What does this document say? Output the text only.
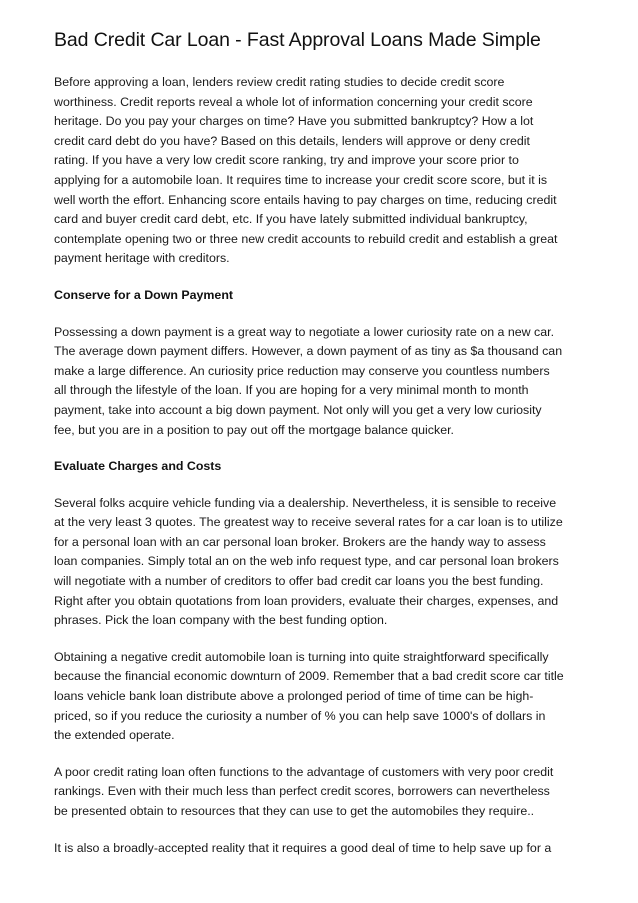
Bad Credit Car Loan - Fast Approval Loans Made Simple

Before approving a loan, lenders review credit rating studies to decide credit score
worthiness. Credit reports reveal a whole lot of information concerning your credit score
heritage. Do you pay your charges on time? Have you submitted bankruptcy? How a lot
credit card debt do you have? Based on this details, lenders will approve or deny credit
rating. If you have a very low credit score ranking, try and improve your score prior to
applying for a automobile loan. It requires time to increase your credit score score, but it is
well worth the effort. Enhancing score entails having to pay charges on time, reducing credit
card and buyer credit card debt, etc. If you have lately submitted individual bankruptcy,
contemplate opening two or three new credit accounts to rebuild credit and establish a great
payment heritage with creditors.

Conserve for a Down Payment

Possessing a down payment is a great way to negotiate a lower curiosity rate on a new car.
The average down payment differs. However, a down payment of as tiny as $a thousand can
make a large difference. An curiosity price reduction may conserve you countless numbers
all through the lifestyle of the loan. If you are hoping for a very minimal month to month
payment, take into account a big down payment. Not only will you get a very low curiosity
fee, but you are in a position to pay out off the mortgage balance quicker.

Evaluate Charges and Costs

Several folks acquire vehicle funding via a dealership. Nevertheless, it is sensible to receive
at the very least 3 quotes. The greatest way to receive several rates for a car loan is to utilize
for a personal loan with an car personal loan broker. Brokers are the handy way to assess
loan companies. Simply total an on the web info request type, and car personal loan brokers
will negotiate with a number of creditors to offer bad credit car loans you the best funding.
Right after you obtain quotations from loan providers, evaluate their charges, expenses, and
phrases. Pick the loan company with the best funding option.

Obtaining a negative credit automobile loan is turning into quite straightforward specifically
because the financial economic downturn of 2009. Remember that a bad credit score car title
loans vehicle bank loan distribute above a prolonged period of time of time can be high-
priced, so if you reduce the curiosity a number of % you can help save 1000's of dollars in
the extended operate.

A poor credit rating loan often functions to the advantage of customers with very poor credit
rankings. Even with their much less than perfect credit scores, borrowers can nevertheless
be presented obtain to resources that they can use to get the automobiles they require..

It is also a broadly-accepted reality that it requires a good deal of time to help save up for a
